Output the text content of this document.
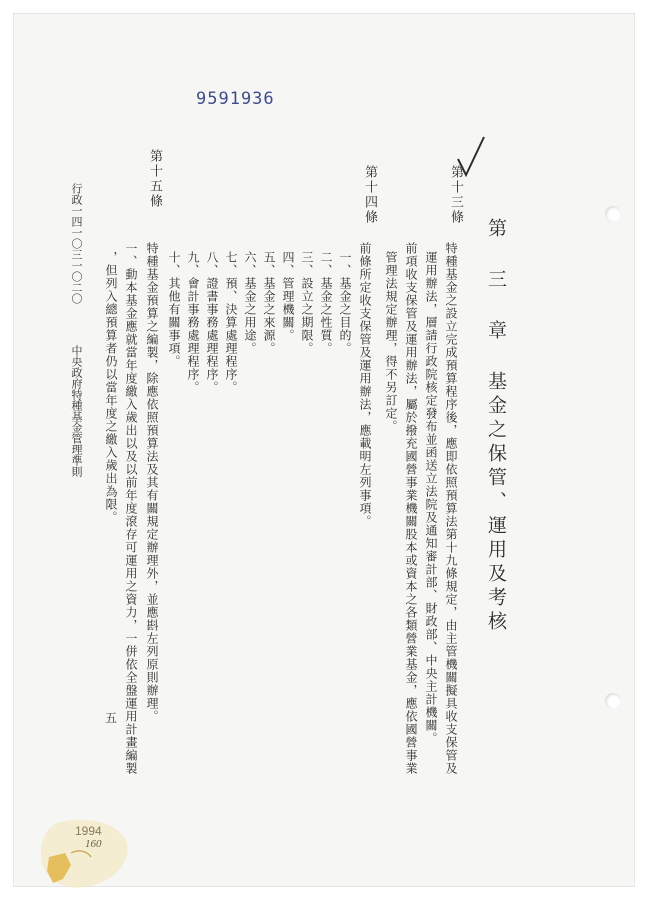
9591936
第 三 章 基金之保管、運用及考核
第十三條
特種基金之設立完成預算程序後，應即依照預算法第十九條規定，由主管機關擬具收支保管及
運用辦法，層請行政院核定發布並函送立法院及通知審計部、財政部、中央主計機關。
前項收支保管及運用辦法，屬於撥充國營事業機關股本或資本之各類營業基金，應依國營事業
管理法規定辦理，得不另訂定。
第十四條
前條所定收支保管及運用辦法，應載明左列事項。
一、基金之目的。
二、基金之性質。
三、設立之期限。
四、管理機關。
五、基金之來源。
六、基金之用途。
七、預、決算處理程序。
八、證書事務處理程序。
九、會計事務處理程序。
十、其他有關事項。
第十五條
特種基金預算之編製，除應依照預算法及其有關規定辦理外，並應斟左列原則辦理。
一、動本基金應就當年度繳入歲出以及以前年度滾存可運用之資力，一併依全盤運用計畫編製
，但列入總預算者仍以當年度之繳入歲出為限。
行政一四一〇三一〇二〇
中央政府特種基金管理準則
五
1994
160
